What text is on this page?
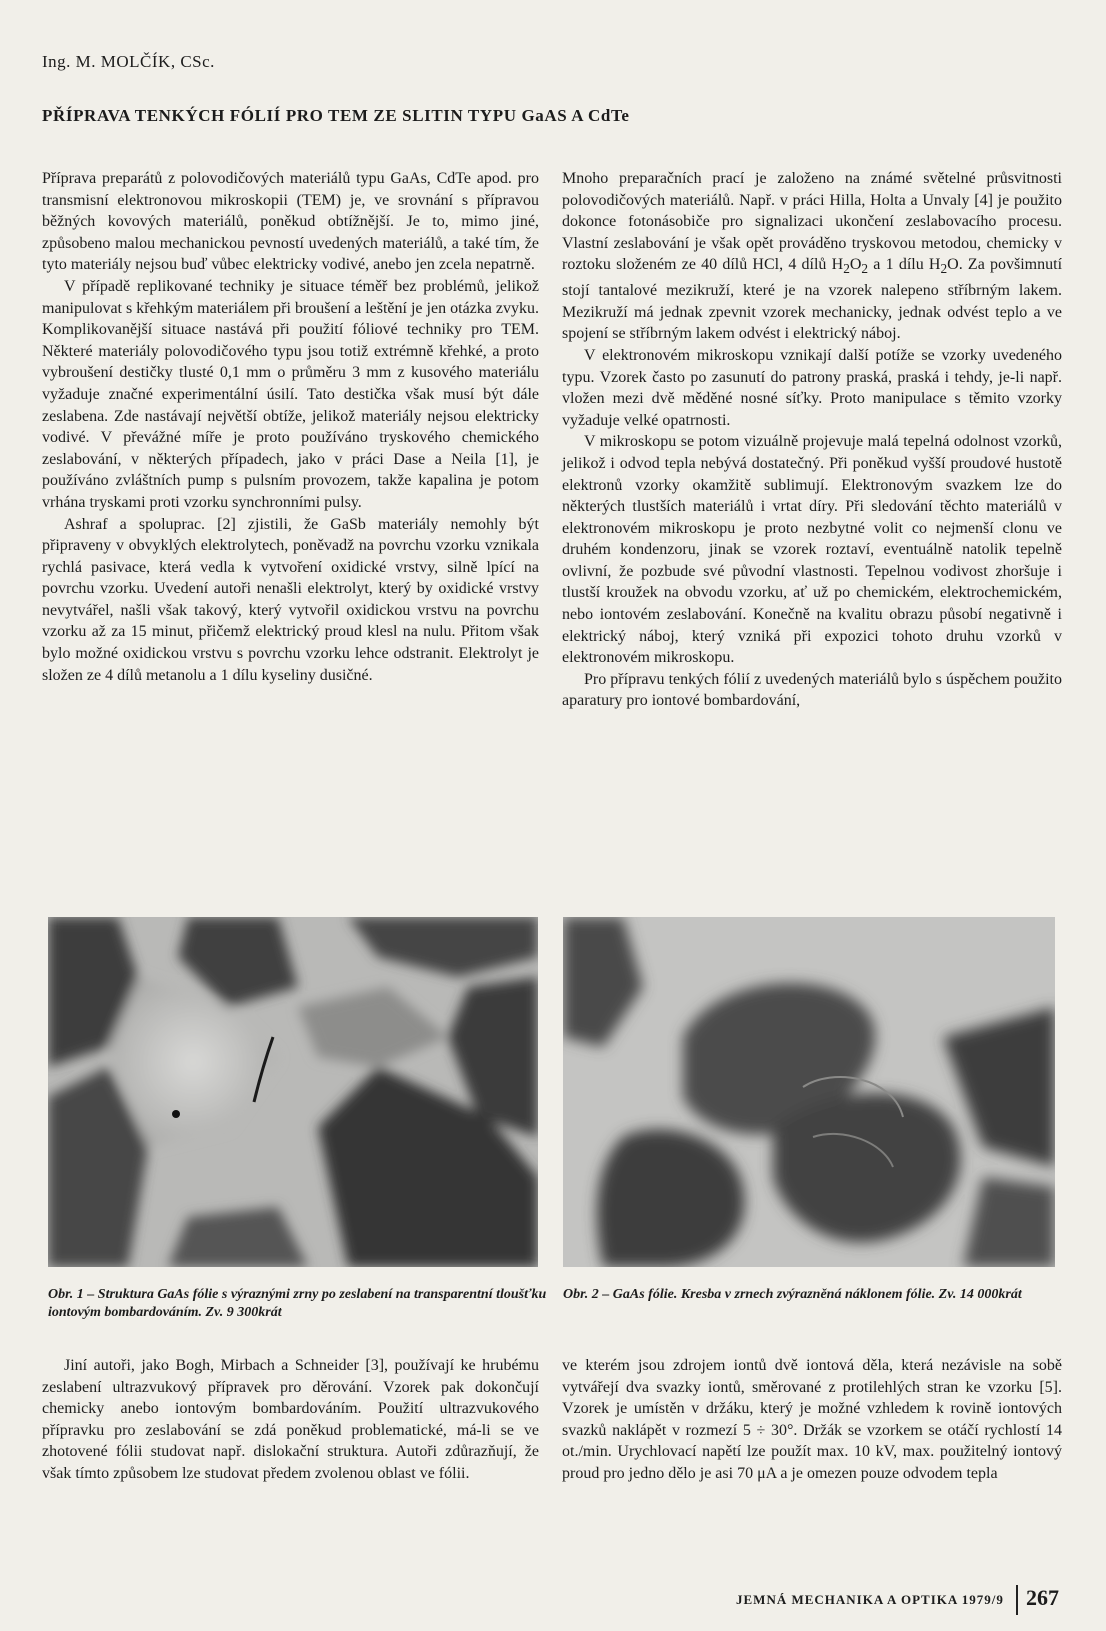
Ing. M. MOLČÍK, CSc.
PŘÍPRAVA TENKÝCH FÓLIÍ PRO TEM ZE SLITIN TYPU GaAS A CdTe

Příprava preparátů z polovodičových materiálů typu GaAs, CdTe apod. pro transmisní elektronovou mikroskopii (TEM) je, ve srovnání s přípravou běžných kovových materiálů, poněkud obtížnější. Je to, mimo jiné, způsobeno malou mechanickou pevností uvedených materiálů, a také tím, že tyto materiály nejsou buď vůbec elektricky vodivé, anebo jen zcela nepatrně.

V případě replikované techniky je situace téměř bez problémů, jelikož manipulovat s křehkým materiálem při broušení a leštění je jen otázka zvyku. Komplikovanější situace nastává při použití fóliové techniky pro TEM. Některé materiály polovodičového typu jsou totiž extrémně křehké, a proto vybroušení destičky tlusté 0,1 mm o průměru 3 mm z kusového materiálu vyžaduje značné experimentální úsilí. Tato destička však musí být dále zeslabena. Zde nastávají největší obtíže, jelikož materiály nejsou elektricky vodivé. V převážné míře je proto používáno tryskového chemického zeslabování, v některých případech, jako v práci Dase a Neila [1], je používáno zvláštních pump s pulsním provozem, takže kapalina je potom vrhána tryskami proti vzorku synchronními pulsy.

Ashraf a spoluprac. [2] zjistili, že GaSb materiály nemohly být připraveny v obvyklých elektrolytech, poněvadž na povrchu vzorku vznikala rychlá pasivace, která vedla k vytvoření oxidické vrstvy, silně lpící na povrchu vzorku. Uvedení autoři nenašli elektrolyt, který by oxidické vrstvy nevytvářel, našli však takový, který vytvořil oxidickou vrstvu na povrchu vzorku až za 15 minut, přičemž elektrický proud klesl na nulu. Přitom však bylo možné oxidickou vrstvu s povrchu vzorku lehce odstranit. Elektrolyt je složen ze 4 dílů metanolu a 1 dílu kyseliny dusičné.

Mnoho preparačních prací je založeno na známé světelné průsvitnosti polovodičových materiálů. Např. v práci Hilla, Holta a Unvaly [4] je použito dokonce fotonásobiče pro signalizaci ukončení zeslabovacího procesu. Vlastní zeslabování je však opět prováděno tryskovou metodou, chemicky v roztoku složeném ze 40 dílů HCl, 4 dílů $H_2O_2$ a 1 dílu $H_2O$. Za povšimnutí stojí tantalové mezikruží, které je na vzorek nalepeno stříbrným lakem. Mezikruží má jednak zpevnit vzorek mechanicky, jednak odvést teplo a ve spojení se stříbrným lakem odvést i elektrický náboj.

V elektronovém mikroskopu vznikají další potíže se vzorky uvedeného typu. Vzorek často po zasunutí do patrony praská, praská i tehdy, je-li např. vložen mezi dvě měděné nosné síťky. Proto manipulace s těmito vzorky vyžaduje velké opatrnosti.

V mikroskopu se potom vizuálně projevuje malá tepelná odolnost vzorků, jelikož i odvod tepla nebývá dostatečný. Při poněkud vyšší proudové hustotě elektronů vzorky okamžitě sublimují. Elektronovým svazkem lze do některých tlustších materiálů i vrtat díry. Při sledování těchto materiálů v elektronovém mikroskopu je proto nezbytné volit co nejmenší clonu ve druhém kondenzoru, jinak se vzorek roztaví, eventuálně natolik tepelně ovlivní, že pozbude své původní vlastnosti. Tepelnou vodivost zhoršuje i tlustší kroužek na obvodu vzorku, ať už po chemickém, elektrochemickém, nebo iontovém zeslabování. Konečně na kvalitu obrazu působí negativně i elektrický náboj, který vzniká při expozici tohoto druhu vzorků v elektronovém mikroskopu.

Pro přípravu tenkých fólií z uvedených materiálů bylo s úspěchem použito aparatury pro iontové bombardování,

Obr. 1 – Struktura GaAs fólie s výraznými zrny po zeslabení na transparentní tloušťku iontovým bombardováním. Zv. 9 300krát
Obr. 2 – GaAs fólie. Kresba v zrnech zvýrazněná náklonem fólie. Zv. 14 000krát

Jiní autoři, jako Bogh, Mirbach a Schneider [3], používají ke hrubému zeslabení ultrazvukový přípravek pro děrování. Vzorek pak dokončují chemicky anebo iontovým bombardováním. Použití ultrazvukového přípravku pro zeslabování se zdá poněkud problematické, má-li se ve zhotovené fólii studovat např. dislokační struktura. Autoři zdůrazňují, že však tímto způsobem lze studovat předem zvolenou oblast ve fólii.

ve kterém jsou zdrojem iontů dvě iontová děla, která nezávisle na sobě vytvářejí dva svazky iontů, směrované z protilehlých stran ke vzorku [5]. Vzorek je umístěn v držáku, který je možné vzhledem k rovině iontových svazků naklápět v rozmezí 5 ÷ 30°. Držák se vzorkem se otáčí rychlostí 14 ot./min. Urychlovací napětí lze použít max. 10 kV, max. použitelný iontový proud pro jedno dělo je asi 70 μA a je omezen pouze odvodem tepla

JEMNÁ MECHANIKA A OPTIKA 1979/9 267
